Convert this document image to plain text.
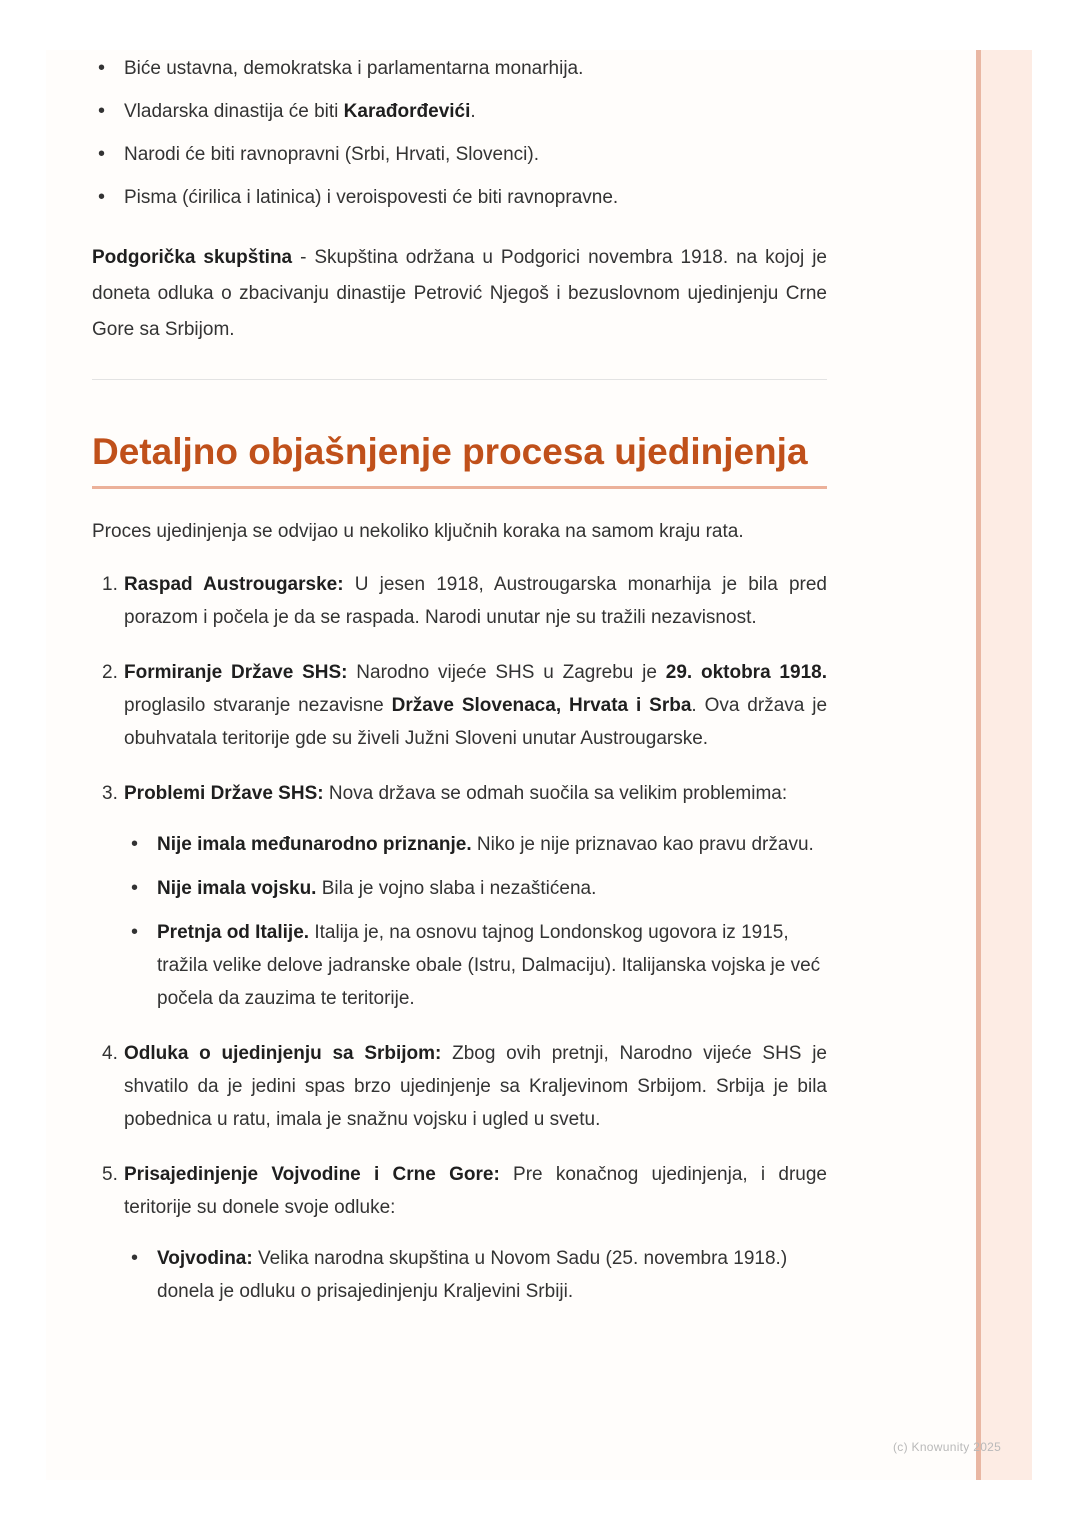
• Biće ustavna, demokratska i parlamentarna monarhija.
• Vladarska dinastija će biti Karađorđevići.
• Narodi će biti ravnopravni (Srbi, Hrvati, Slovenci).
• Pisma (ćirilica i latinica) i veroispovesti će biti ravnopravne.

Podgorička skupština - Skupština održana u Podgorici novembra 1918. na kojoj je doneta odluka o zbacivanju dinastije Petrović Njegoš i bezuslovnom ujedinjenju Crne Gore sa Srbijom.

Detaljno objašnjenje procesa ujedinjenja

Proces ujedinjenja se odvijao u nekoliko ključnih koraka na samom kraju rata.

1. Raspad Austrougarske: U jesen 1918, Austrougarska monarhija je bila pred porazom i počela je da se raspada. Narodi unutar nje su tražili nezavisnost.
2. Formiranje Države SHS: Narodno vijeće SHS u Zagrebu je 29. oktobra 1918. proglasilo stvaranje nezavisne Države Slovenaca, Hrvata i Srba. Ova država je obuhvatala teritorije gde su živeli Južni Sloveni unutar Austrougarske.
3. Problemi Države SHS: Nova država se odmah suočila sa velikim problemima:
• Nije imala međunarodno priznanje. Niko je nije priznavao kao pravu državu.
• Nije imala vojsku. Bila je vojno slaba i nezaštićena.
• Pretnja od Italije. Italija je, na osnovu tajnog Londonskog ugovora iz 1915, tražila velike delove jadranske obale (Istru, Dalmaciju). Italijanska vojska je već počela da zauzima te teritorije.
4. Odluka o ujedinjenju sa Srbijom: Zbog ovih pretnji, Narodno vijeće SHS je shvatilo da je jedini spas brzo ujedinjenje sa Kraljevinom Srbijom. Srbija je bila pobednica u ratu, imala je snažnu vojsku i ugled u svetu.
5. Prisajedinjenje Vojvodine i Crne Gore: Pre konačnog ujedinjenja, i druge teritorije su donele svoje odluke:
• Vojvodina: Velika narodna skupština u Novom Sadu (25. novembra 1918.) donela je odluku o prisajedinjenju Kraljevini Srbiji.
(c) Knowunity 2025
